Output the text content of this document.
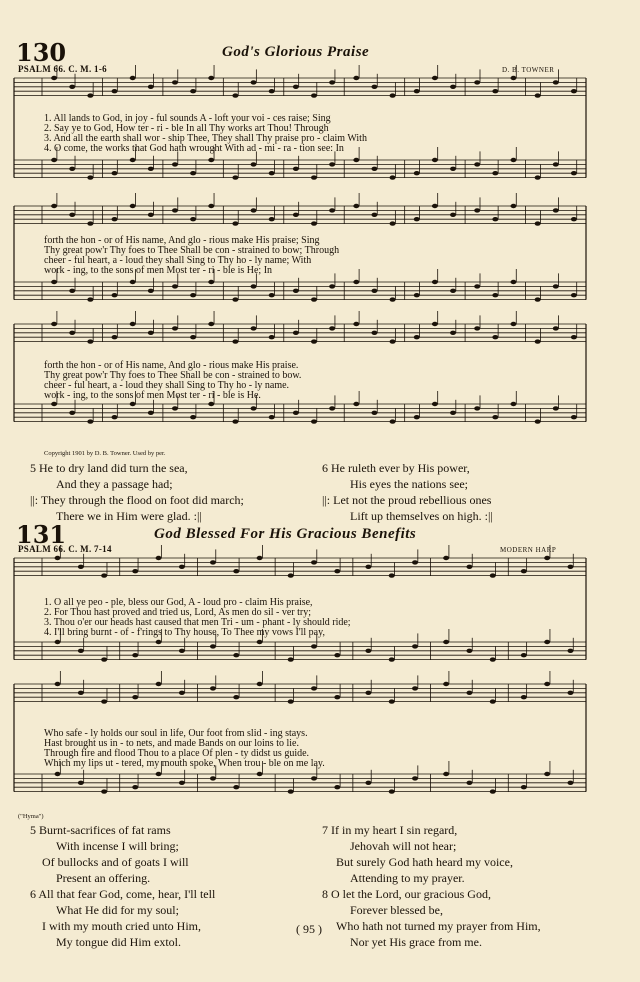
130	God's Glorious Praise
PSALM 66. C. M. 1-6	D. B. TOWNER
1. All lands to God, in joy - ful sounds A - loft your voi - ces raise; Sing
2. Say ye to God, How ter - ri - ble In all Thy works art Thou! Through
3. And all the earth shall wor - ship Thee, They shall Thy praise pro - claim With
4. O come, the works that God hath wrought With ad - mi - ra - tion see: In
forth the hon - or of His name, And glo - rious make His praise; Sing
Thy great pow'r Thy foes to Thee Shall be con - strained to bow; Through
cheer - ful heart, a - loud they shall Sing to Thy ho - ly name; With
work - ing, to the sons of men Most ter - ri - ble is He; In
forth the hon - or of His name, And glo - rious make His praise.
Thy great pow'r Thy foes to Thee Shall be con - strained to bow.
cheer - ful heart, a - loud they shall Sing to Thy ho - ly name.
work - ing, to the sons of men Most ter - ri - ble is He.
Copyright 1901 by D. B. Towner. Used by per.
5 He to dry land did turn the sea,
And they a passage had;
||: They through the flood on foot did march;
There we in Him were glad. :||
6 He ruleth ever by His power,
His eyes the nations see;
||: Let not the proud rebellious ones
Lift up themselves on high. :||
131	God Blessed For His Gracious Benefits
PSALM 66. C. M. 7-14	MODERN HARP
1. O all ye peo - ple, bless our God, A - loud pro - claim His praise,
2. For Thou hast proved and tried us, Lord, As men do sil - ver try;
3. Thou o'er our heads hast caused that men Tri - um - phant - ly should ride;
4. I'll bring burnt - of - f'rings to Thy house, To Thee my vows I'll pay,
Who safe - ly holds our soul in life, Our foot from slid - ing stays.
Hast brought us in - to nets, and made Bands on our loins to lie.
Through fire and flood Thou to a place Of plen - ty didst us guide.
Which my lips ut - tered, my mouth spoke, When trou - ble on me lay.
("Hyma")
5 Burnt-sacrifices of fat rams
With incense I will bring;
Of bullocks and of goats I will
Present an offering.
6 All that fear God, come, hear, I'll tell
What He did for my soul;
I with my mouth cried unto Him,
My tongue did Him extol.
7 If in my heart I sin regard,
Jehovah will not hear;
But surely God hath heard my voice,
Attending to my prayer.
8 O let the Lord, our gracious God,
Forever blessed be,
Who hath not turned my prayer from Him,
Nor yet His grace from me.
( 95 )
